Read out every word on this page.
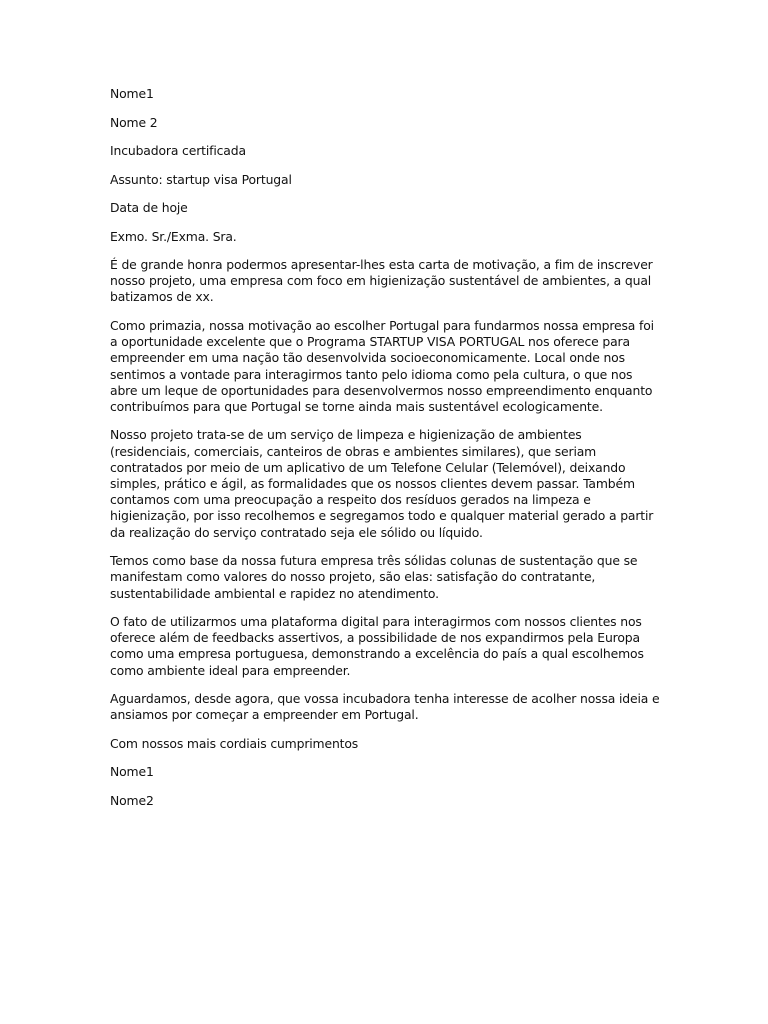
Nome1

Nome 2

Incubadora certificada

Assunto: startup visa Portugal

Data de hoje

Exmo. Sr./Exma. Sra.

É de grande honra podermos apresentar-lhes esta carta de motivação, a fim de inscrever nosso projeto, uma empresa com foco em higienização sustentável de ambientes, a qual batizamos de xx.

Como primazia, nossa motivação ao escolher Portugal para fundarmos nossa empresa foi a oportunidade excelente que o Programa STARTUP VISA PORTUGAL nos oferece para empreender em uma nação tão desenvolvida socioeconomicamente. Local onde nos sentimos a vontade para interagirmos tanto pelo idioma como pela cultura, o que nos abre um leque de oportunidades para desenvolvermos nosso empreendimento enquanto contribuímos para que Portugal se torne ainda mais sustentável ecologicamente.

Nosso projeto trata-se de um serviço de limpeza e higienização de ambientes (residenciais, comerciais, canteiros de obras e ambientes similares), que seriam contratados por meio de um aplicativo de um Telefone Celular (Telemóvel), deixando simples, prático e ágil, as formalidades que os nossos clientes devem passar. Também contamos com uma preocupação a respeito dos resíduos gerados na limpeza e higienização, por isso recolhemos e segregamos todo e qualquer material gerado a partir da realização do serviço contratado seja ele sólido ou líquido.

Temos como base da nossa futura empresa três sólidas colunas de sustentação que se manifestam como valores do nosso projeto, são elas: satisfação do contratante, sustentabilidade ambiental e rapidez no atendimento.

O fato de utilizarmos uma plataforma digital para interagirmos com nossos clientes nos oferece além de feedbacks assertivos, a possibilidade de nos expandirmos pela Europa como uma empresa portuguesa, demonstrando a excelência do país a qual escolhemos como ambiente ideal para empreender.

Aguardamos, desde agora, que vossa incubadora tenha interesse de acolher nossa ideia e ansiamos por começar a empreender em Portugal.

Com nossos mais cordiais cumprimentos

Nome1

Nome2
